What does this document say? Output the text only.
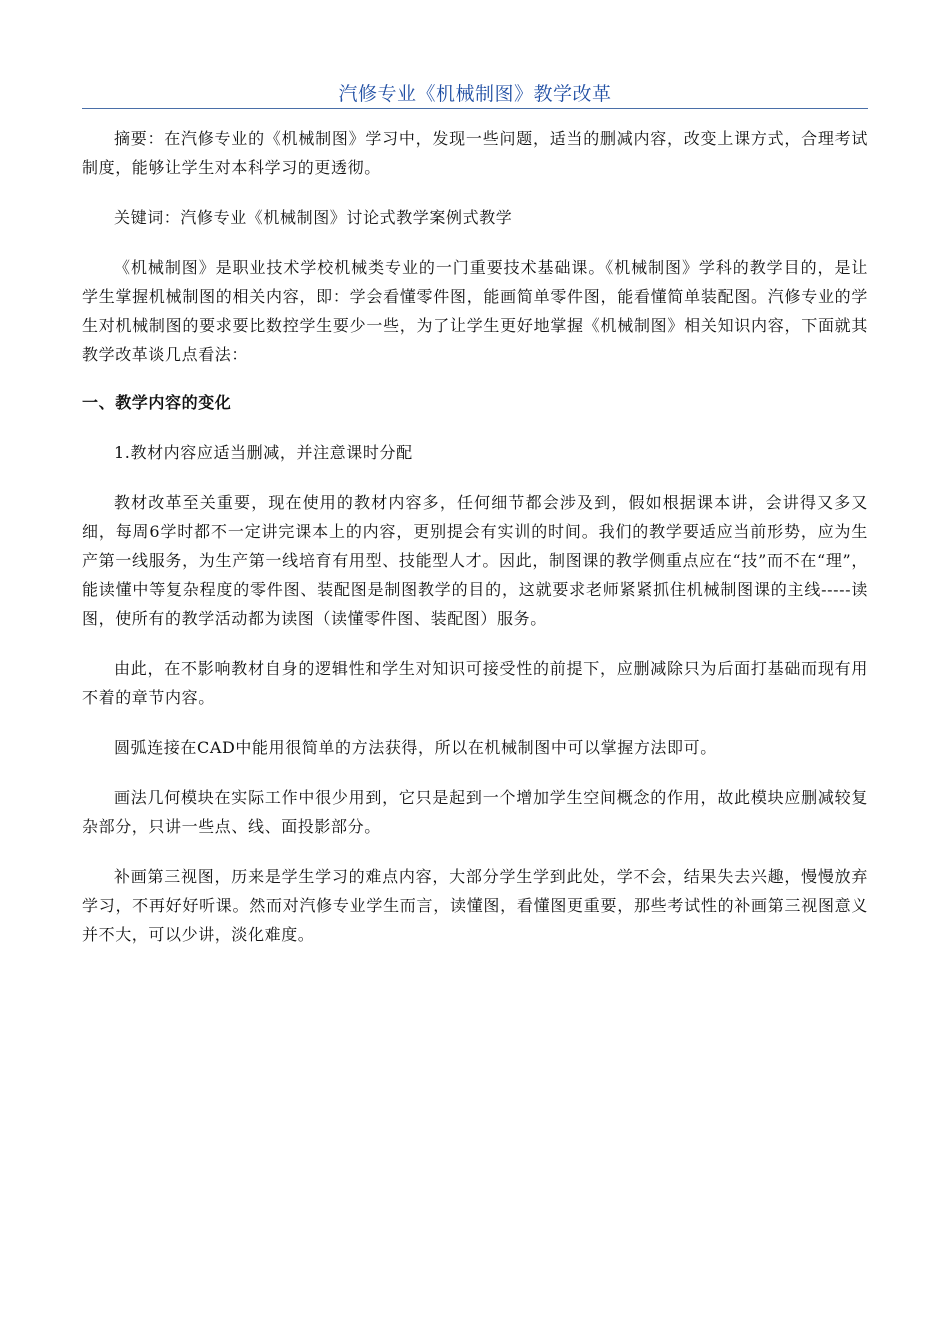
汽修专业《机械制图》教学改革

摘要：在汽修专业的《机械制图》学习中，发现一些问题，适当的删减内容，改变上课方式，合理考试制度，能够让学生对本科学习的更透彻。

关键词：汽修专业《机械制图》讨论式教学案例式教学

《机械制图》是职业技术学校机械类专业的一门重要技术基础课。《机械制图》学科的教学目的，是让学生掌握机械制图的相关内容，即：学会看懂零件图，能画简单零件图，能看懂简单装配图。汽修专业的学生对机械制图的要求要比数控学生要少一些，为了让学生更好地掌握《机械制图》相关知识内容，下面就其教学改革谈几点看法：

一、教学内容的变化

1.教材内容应适当删减，并注意课时分配

教材改革至关重要，现在使用的教材内容多，任何细节都会涉及到，假如根据课本讲，会讲得又多又细，每周6学时都不一定讲完课本上的内容，更别提会有实训的时间。我们的教学要适应当前形势，应为生产第一线服务，为生产第一线培育有用型、技能型人才。因此，制图课的教学侧重点应在“技”而不在“理”，能读懂中等复杂程度的零件图、装配图是制图教学的目的，这就要求老师紧紧抓住机械制图课的主线-----读图，使所有的教学活动都为读图（读懂零件图、装配图）服务。

由此，在不影响教材自身的逻辑性和学生对知识可接受性的前提下，应删减除只为后面打基础而现有用不着的章节内容。

圆弧连接在CAD中能用很简单的方法获得，所以在机械制图中可以掌握方法即可。

画法几何模块在实际工作中很少用到，它只是起到一个增加学生空间概念的作用，故此模块应删减较复杂部分，只讲一些点、线、面投影部分。

补画第三视图，历来是学生学习的难点内容，大部分学生学到此处，学不会，结果失去兴趣，慢慢放弃学习，不再好好听课。然而对汽修专业学生而言，读懂图，看懂图更重要，那些考试性的补画第三视图意义并不大，可以少讲，淡化难度。
